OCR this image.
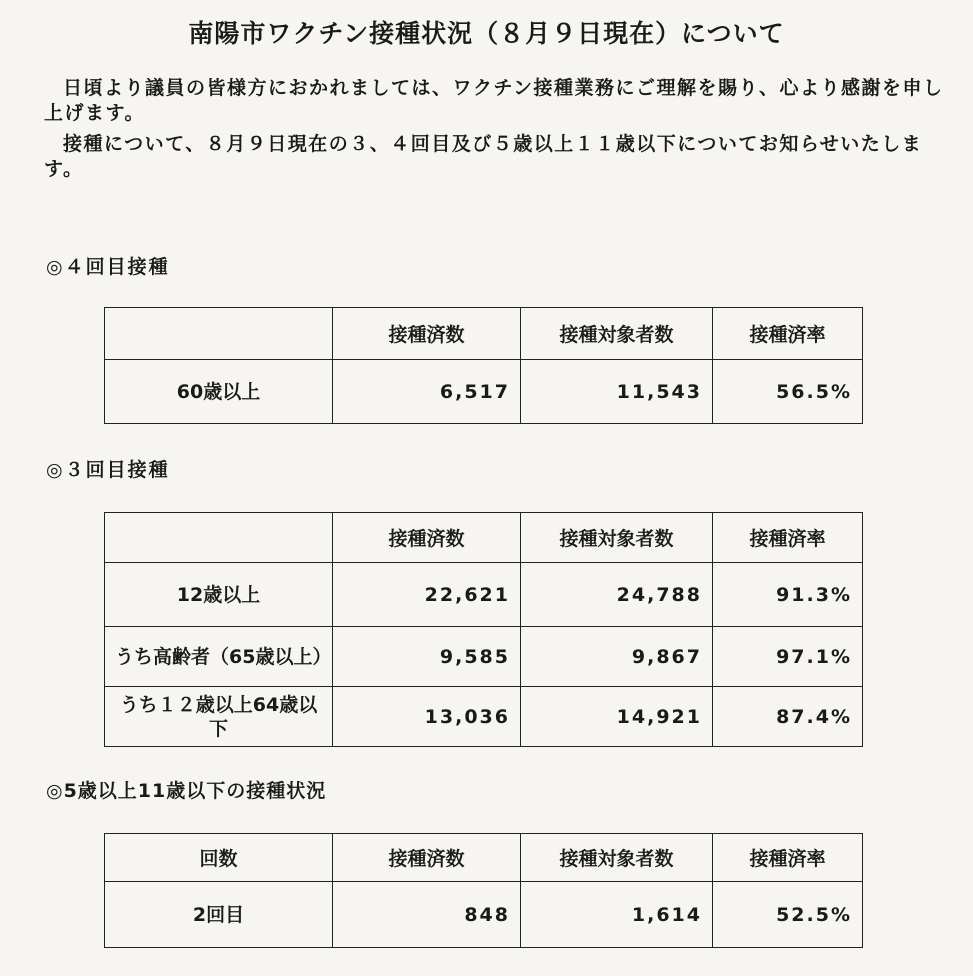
南陽市ワクチン接種状況（８月９日現在）について

日頃より議員の皆様方におかれましては、ワクチン接種業務にご理解を賜り、心より感謝を申し上げます。

接種について、８月９日現在の３、４回目及び５歳以上１１歳以下についてお知らせいたします。

◎４回目接種
	接種済数	接種対象者数	接種済率
60歳以上	6,517	11,543	56.5%
◎３回目接種
	接種済数	接種対象者数	接種済率
12歳以上	22,621	24,788	91.3%
うち高齢者（65歳以上）	9,585	9,867	97.1%
うち１２歳以上64歳以下	13,036	14,921	87.4%
◎5歳以上11歳以下の接種状況
回数	接種済数	接種対象者数	接種済率
2回目	848	1,614	52.5%
